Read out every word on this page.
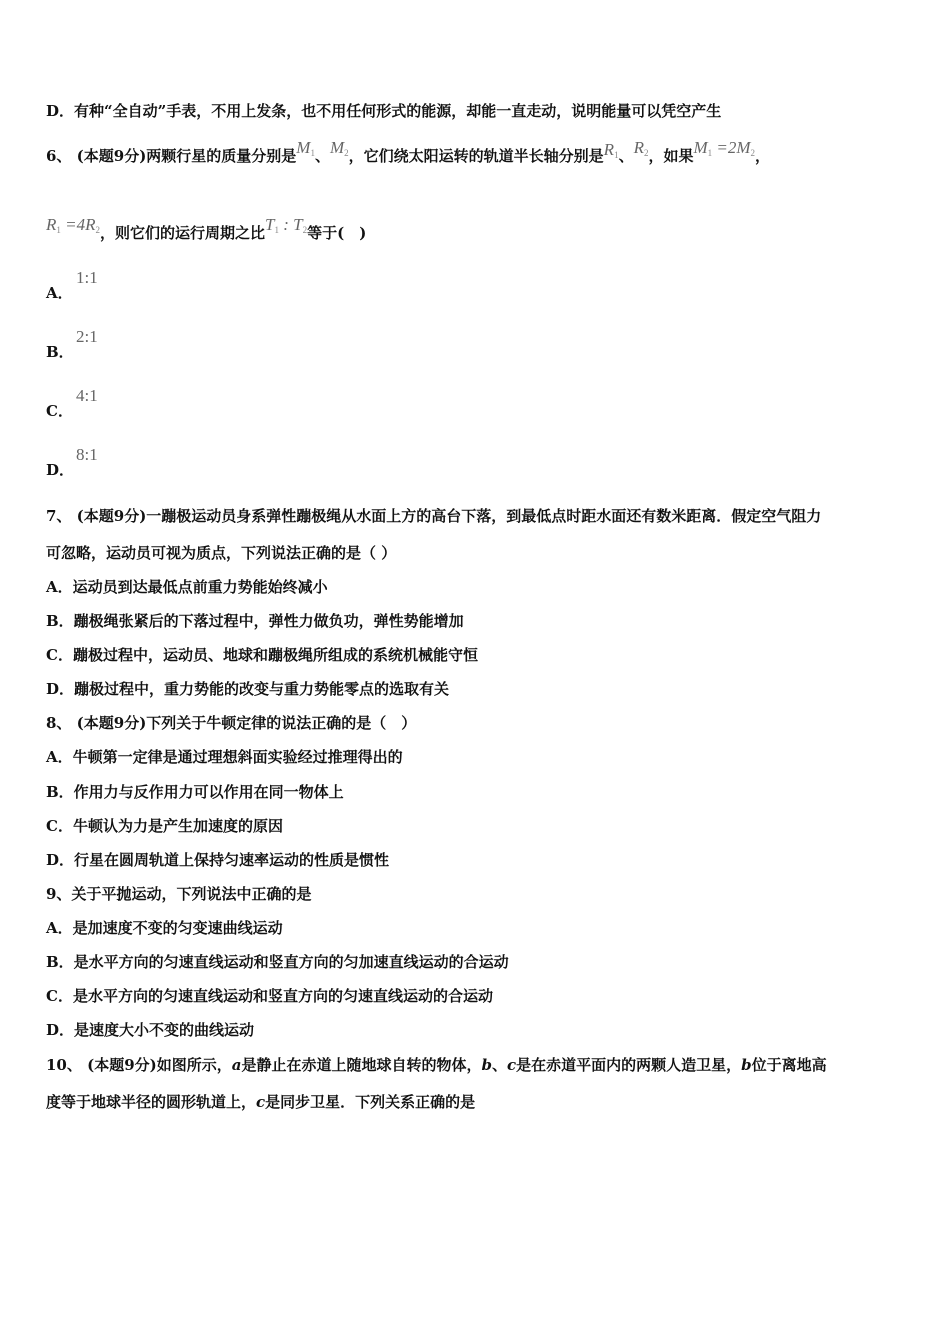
D．有种“全自动”手表，不用上发条，也不用任何形式的能源，却能一直走动，说明能量可以凭空产生
6、 (本题9分)两颗行星的质量分别是$M_1$、$M_2$，它们绕太阳运转的轨道半长轴分别是$R_1$、$R_2$，如果$M_1 =2M_2$，
$R_1 =4R_2$，则它们的运行周期之比$T_1$ : $T_2$等于(　)
A．
1:1
B．
2:1
C．
4:1
D．
8:1
7、 (本题9分)一蹦极运动员身系弹性蹦极绳从水面上方的高台下落，到最低点时距水面还有数米距离．假定空气阻力
可忽略，运动员可视为质点，下列说法正确的是（ ）
A．运动员到达最低点前重力势能始终减小
B．蹦极绳张紧后的下落过程中，弹性力做负功，弹性势能增加
C．蹦极过程中，运动员、地球和蹦极绳所组成的系统机械能守恒
D．蹦极过程中，重力势能的改变与重力势能零点的选取有关
8、 (本题9分)下列关于牛顿定律的说法正确的是（　）
A．牛顿第一定律是通过理想斜面实验经过推理得出的
B．作用力与反作用力可以作用在同一物体上
C．牛顿认为力是产生加速度的原因
D．行星在圆周轨道上保持匀速率运动的性质是惯性
9、关于平抛运动，下列说法中正确的是
A．是加速度不变的匀变速曲线运动
B．是水平方向的匀速直线运动和竖直方向的匀加速直线运动的合运动
C．是水平方向的匀速直线运动和竖直方向的匀速直线运动的合运动
D．是速度大小不变的曲线运动
10、 (本题9分)如图所示，a是静止在赤道上随地球自转的物体，b、c是在赤道平面内的两颗人造卫星，b位于离地高
度等于地球半径的圆形轨道上，c是同步卫星．下列关系正确的是
